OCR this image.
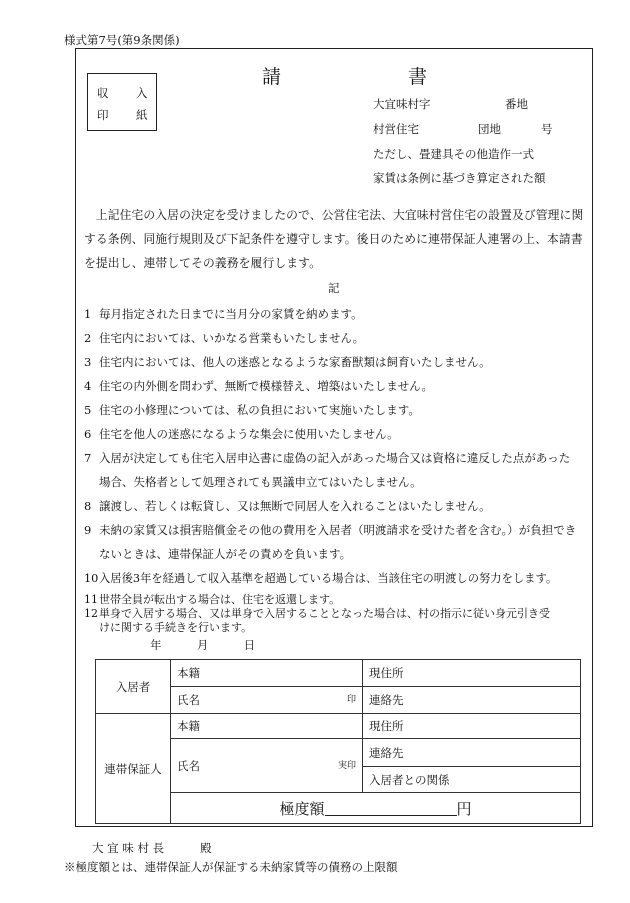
様式第7号(第9条関係)
収 入
印 紙
請	書
大宜味村字	番地
村営住宅	団地	号
ただし、畳建具その他造作一式
家賃は条例に基づき算定された額
上記住宅の入居の決定を受けましたので、公営住宅法、大宜味村営住宅の設置及び管理に関する条例、同施行規則及び下記条件を遵守します。後日のために連帯保証人連署の上、本請書を提出し、連帯してその義務を履行します。
記
1 毎月指定された日までに当月分の家賃を納めます。
2 住宅内においては、いかなる営業もいたしません。
3 住宅内においては、他人の迷惑となるような家畜獣類は飼育いたしません。
4 住宅の内外側を問わず、無断で模様替え、増築はいたしません。
5 住宅の小修理については、私の負担において実施いたします。
6 住宅を他人の迷惑になるような集会に使用いたしません。
7 入居が決定しても住宅入居申込書に虚偽の記入があった場合又は資格に違反した点があった
場合、失格者として処理されても異議申立てはいたしません。
8 譲渡し、若しくは転貸し、又は無断で同居人を入れることはいたしません。
9 未納の家賃又は損害賠償金その他の費用を入居者（明渡請求を受けた者を含む。）が負担でき
ないときは、連帯保証人がその責めを負います。
10入居後3年を経過して収入基準を超過している場合は、当該住宅の明渡しの努力をします。
11世帯全員が転出する場合は、住宅を返還します。
12単身で入居する場合、又は単身で入居することとなった場合は、村の指示に従い身元引き受
けに関する手続きを行います。
年	月	日
入居者	本籍	現住所
	氏名 印	連絡先
連帯保証人	本籍	現住所
	氏名 実印	連絡先
		入居者との関係
	極度額 円	
大 宜 味 村 長	殿
※極度額とは、連帯保証人が保証する未納家賃等の債務の上限額
